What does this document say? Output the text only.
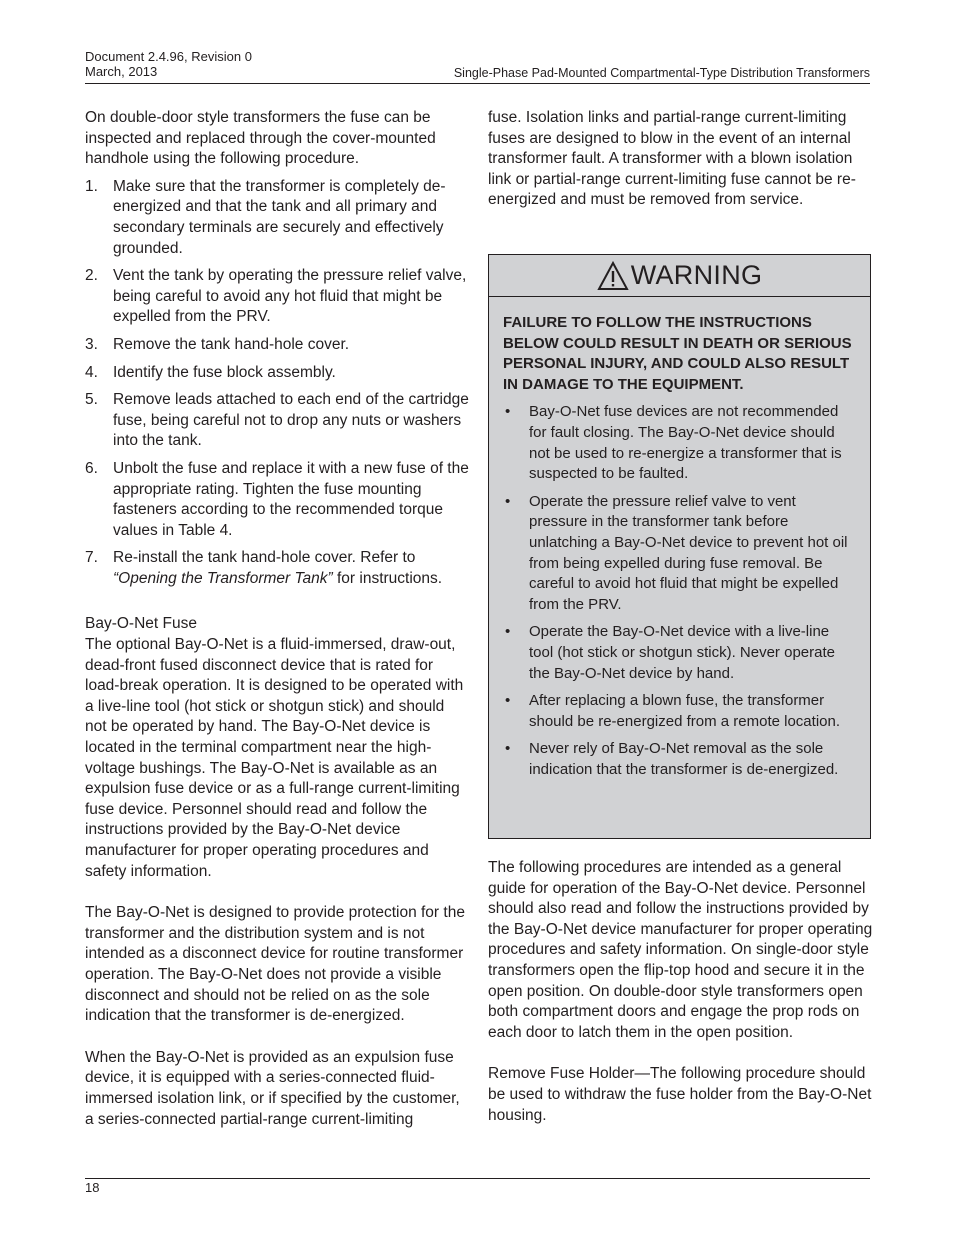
Document 2.4.96, Revision 0
March, 2013	Single-Phase Pad-Mounted Compartmental-Type Distribution Transformers

On double-door style transformers the fuse can be inspected and replaced through the cover-mounted handhole using the following procedure.

1. Make sure that the transformer is completely de-energized and that the tank and all primary and secondary terminals are securely and effectively grounded.
2. Vent the tank by operating the pressure relief valve, being careful to avoid any hot fluid that might be expelled from the PRV.
3. Remove the tank hand-hole cover.
4. Identify the fuse block assembly.
5. Remove leads attached to each end of the cartridge fuse, being careful not to drop any nuts or washers into the tank.
6. Unbolt the fuse and replace it with a new fuse of the appropriate rating. Tighten the fuse mounting fasteners according to the recommended torque values in Table 4.
7. Re-install the tank hand-hole cover. Refer to “Opening the Transformer Tank” for instructions.

Bay-O-Net Fuse

The optional Bay-O-Net is a fluid-immersed, draw-out, dead-front fused disconnect device that is rated for load-break operation. It is designed to be operated with a live-line tool (hot stick or shotgun stick) and should not be operated by hand. The Bay-O-Net device is located in the terminal compartment near the high-voltage bushings. The Bay-O-Net is available as an expulsion fuse device or as a full-range current-limiting fuse device. Personnel should read and follow the instructions provided by the Bay-O-Net device manufacturer for proper operating procedures and safety information.

The Bay-O-Net is designed to provide protection for the transformer and the distribution system and is not intended as a disconnect device for routine transformer operation. The Bay-O-Net does not provide a visible disconnect and should not be relied on as the sole indication that the transformer is de-energized.

When the Bay-O-Net is provided as an expulsion fuse device, it is equipped with a series-connected fluid-immersed isolation link, or if specified by the customer, a series-connected partial-range current-limiting

fuse. Isolation links and partial-range current-limiting fuses are designed to blow in the event of an internal transformer fault. A transformer with a blown isolation link or partial-range current-limiting fuse cannot be re-energized and must be removed from service.

WARNING

FAILURE TO FOLLOW THE INSTRUCTIONS BELOW COULD RESULT IN DEATH OR SERIOUS PERSONAL INJURY, AND COULD ALSO RESULT IN DAMAGE TO THE EQUIPMENT.

•	Bay-O-Net fuse devices are not recommended for fault closing. The Bay-O-Net device should not be used to re-energize a transformer that is suspected to be faulted.
•	Operate the pressure relief valve to vent pressure in the transformer tank before unlatching a Bay-O-Net device to prevent hot oil from being expelled during fuse removal. Be careful to avoid hot fluid that might be expelled from the PRV.
•	Operate the Bay-O-Net device with a live-line tool (hot stick or shotgun stick). Never operate the Bay-O-Net device by hand.
•	After replacing a blown fuse, the transformer should be re-energized from a remote location.
•	Never rely of Bay-O-Net removal as the sole indication that the transformer is de-energized.

The following procedures are intended as a general guide for operation of the Bay-O-Net device. Personnel should also read and follow the instructions provided by the Bay-O-Net device manufacturer for proper operating procedures and safety information. On single-door style transformers open the flip-top hood and secure it in the open position. On double-door style transformers open both compartment doors and engage the prop rods on each door to latch them in the open position.

Remove Fuse Holder—The following procedure should be used to withdraw the fuse holder from the Bay-O-Net housing.

18
